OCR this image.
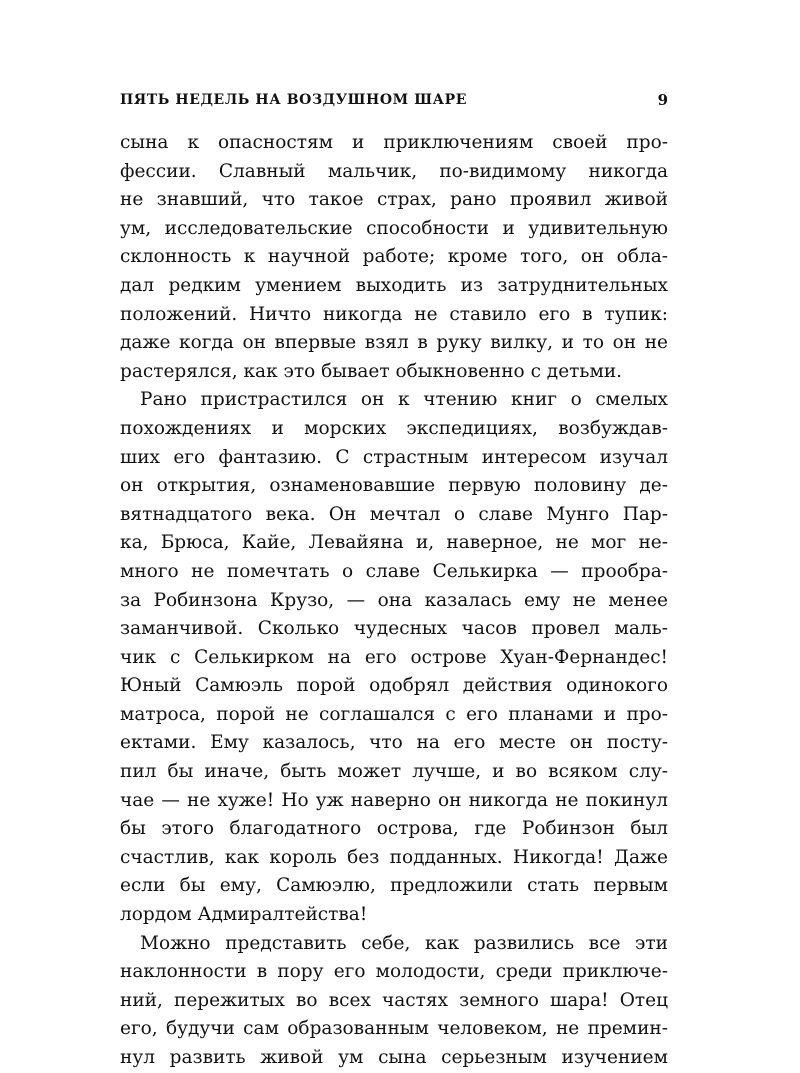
ПЯТЬ НЕДЕЛЬ НА ВОЗДУШНОМ ШАРЕ	9
сына к опасностям и приключениям своей про-
фессии. Славный мальчик, по-видимому никогда
не знавший, что такое страх, рано проявил живой
ум, исследовательские способности и удивительную
склонность к научной работе; кроме того, он обла-
дал редким умением выходить из затруднительных
положений. Ничто никогда не ставило его в тупик:
даже когда он впервые взял в руку вилку, и то он не
растерялся, как это бывает обыкновенно с детьми.
Рано пристрастился он к чтению книг о смелых
похождениях и морских экспедициях, возбуждав-
ших его фантазию. С страстным интересом изучал
он открытия, ознаменовавшие первую половину де-
вятнадцатого века. Он мечтал о славе Мунго Пар-
ка, Брюса, Кайе, Левайяна и, наверное, не мог не-
много не помечтать о славе Селькирка — прообра-
за Робинзона Крузо, — она казалась ему не менее
заманчивой. Сколько чудесных часов провел маль-
чик с Селькирком на его острове Хуан-Фернандес!
Юный Самюэль порой одобрял действия одинокого
матроса, порой не соглашался с его планами и про-
ектами. Ему казалось, что на его месте он посту-
пил бы иначе, быть может лучше, и во всяком слу-
чае — не хуже! Но уж наверно он никогда не покинул
бы этого благодатного острова, где Робинзон был
счастлив, как король без подданных. Никогда! Даже
если бы ему, Самюэлю, предложили стать первым
лордом Адмиралтейства!
Можно представить себе, как развились все эти
наклонности в пору его молодости, среди приключе-
ний, пережитых во всех частях земного шара! Отец
его, будучи сам образованным человеком, не премин-
нул развить живой ум сына серьезным изучением
